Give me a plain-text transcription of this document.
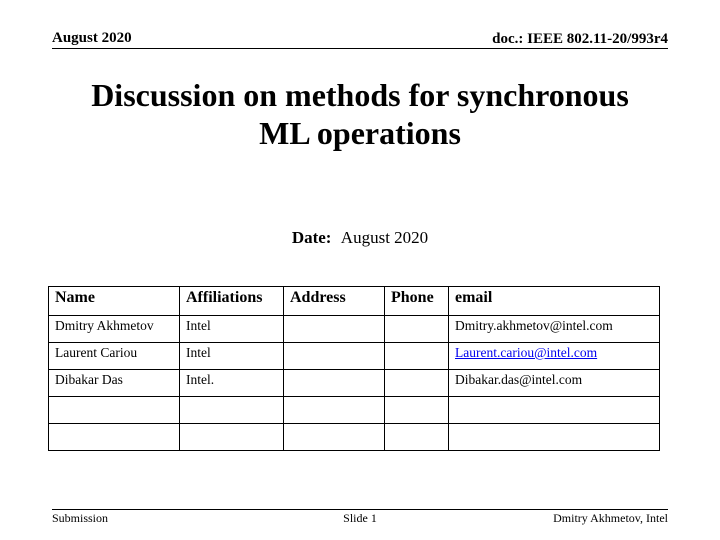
August 2020	doc.: IEEE 802.11-20/993r4
Discussion on methods for synchronous
ML operations
Date: August 2020
Name	Affiliations	Address	Phone	email
Dmitry Akhmetov	Intel			Dmitry.akhmetov@intel.com
Laurent Cariou	Intel			Laurent.cariou@intel.com
Dibakar Das	Intel.			Dibakar.das@intel.com

Submission	Slide 1	Dmitry Akhmetov, Intel
